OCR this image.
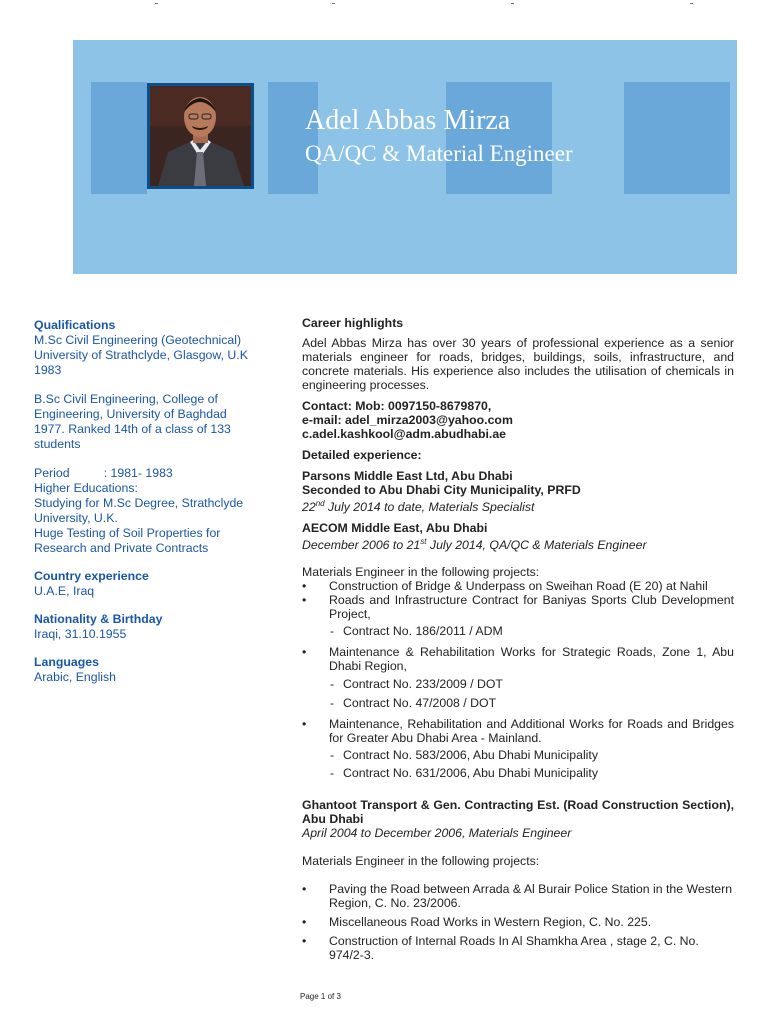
Adel Abbas Mirza
QA/QC & Material Engineer
Qualifications

M.Sc Civil Engineering (Geotechnical)

University of Strathclyde, Glasgow, U.K

1983

B.Sc Civil Engineering, College of

Engineering, University of Baghdad

1977. Ranked 14th of a class of 133

students

Period          : 1981- 1983

Higher Educations:

Studying for M.Sc Degree, Strathclyde

University, U.K.

Huge Testing of Soil Properties for

Research and Private Contracts

Country experience

U.A.E, Iraq

Nationality & Birthday

Iraqi, 31.10.1955

Languages

Arabic, English

Career highlights

Adel Abbas Mirza has over 30 years of professional experience as a senior materials engineer for roads, bridges, buildings, soils, infrastructure, and concrete materials. His experience also includes the utilisation of chemicals in engineering processes.

Contact: Mob: 0097150-8679870,

e-mail: adel_mirza2003@yahoo.com

c.adel.kashkool@adm.abudhabi.ae

Detailed experience:

Parsons Middle East Ltd, Abu Dhabi

Seconded to Abu Dhabi City Municipality, PRFD

22nd July 2014 to date, Materials Specialist

AECOM Middle East, Abu Dhabi

December 2006 to 21st July 2014, QA/QC & Materials Engineer

Materials Engineer in the following projects:

• Construction of Bridge & Underpass on Sweihan Road (E 20) at Nahil
• Roads and Infrastructure Contract for Baniyas Sports Club Development Project,
- Contract No. 186/2011 / ADM
• Maintenance & Rehabilitation Works for Strategic Roads, Zone 1, Abu Dhabi Region,
- Contract No. 233/2009 / DOT
- Contract No. 47/2008 / DOT
• Maintenance, Rehabilitation and Additional Works for Roads and Bridges for Greater Abu Dhabi Area - Mainland.
- Contract No. 583/2006, Abu Dhabi Municipality
- Contract No. 631/2006, Abu Dhabi Municipality

Ghantoot Transport & Gen. Contracting Est. (Road Construction Section), Abu Dhabi

April 2004 to December 2006, Materials Engineer

Materials Engineer in the following projects:

• Paving the Road between Arrada & Al Burair Police Station in the Western Region, C. No. 23/2006.
• Miscellaneous Road Works in Western Region, C. No. 225.
• Construction of Internal Roads In Al Shamkha Area , stage 2, C. No. 974/2-3.
Page 1 of 3
